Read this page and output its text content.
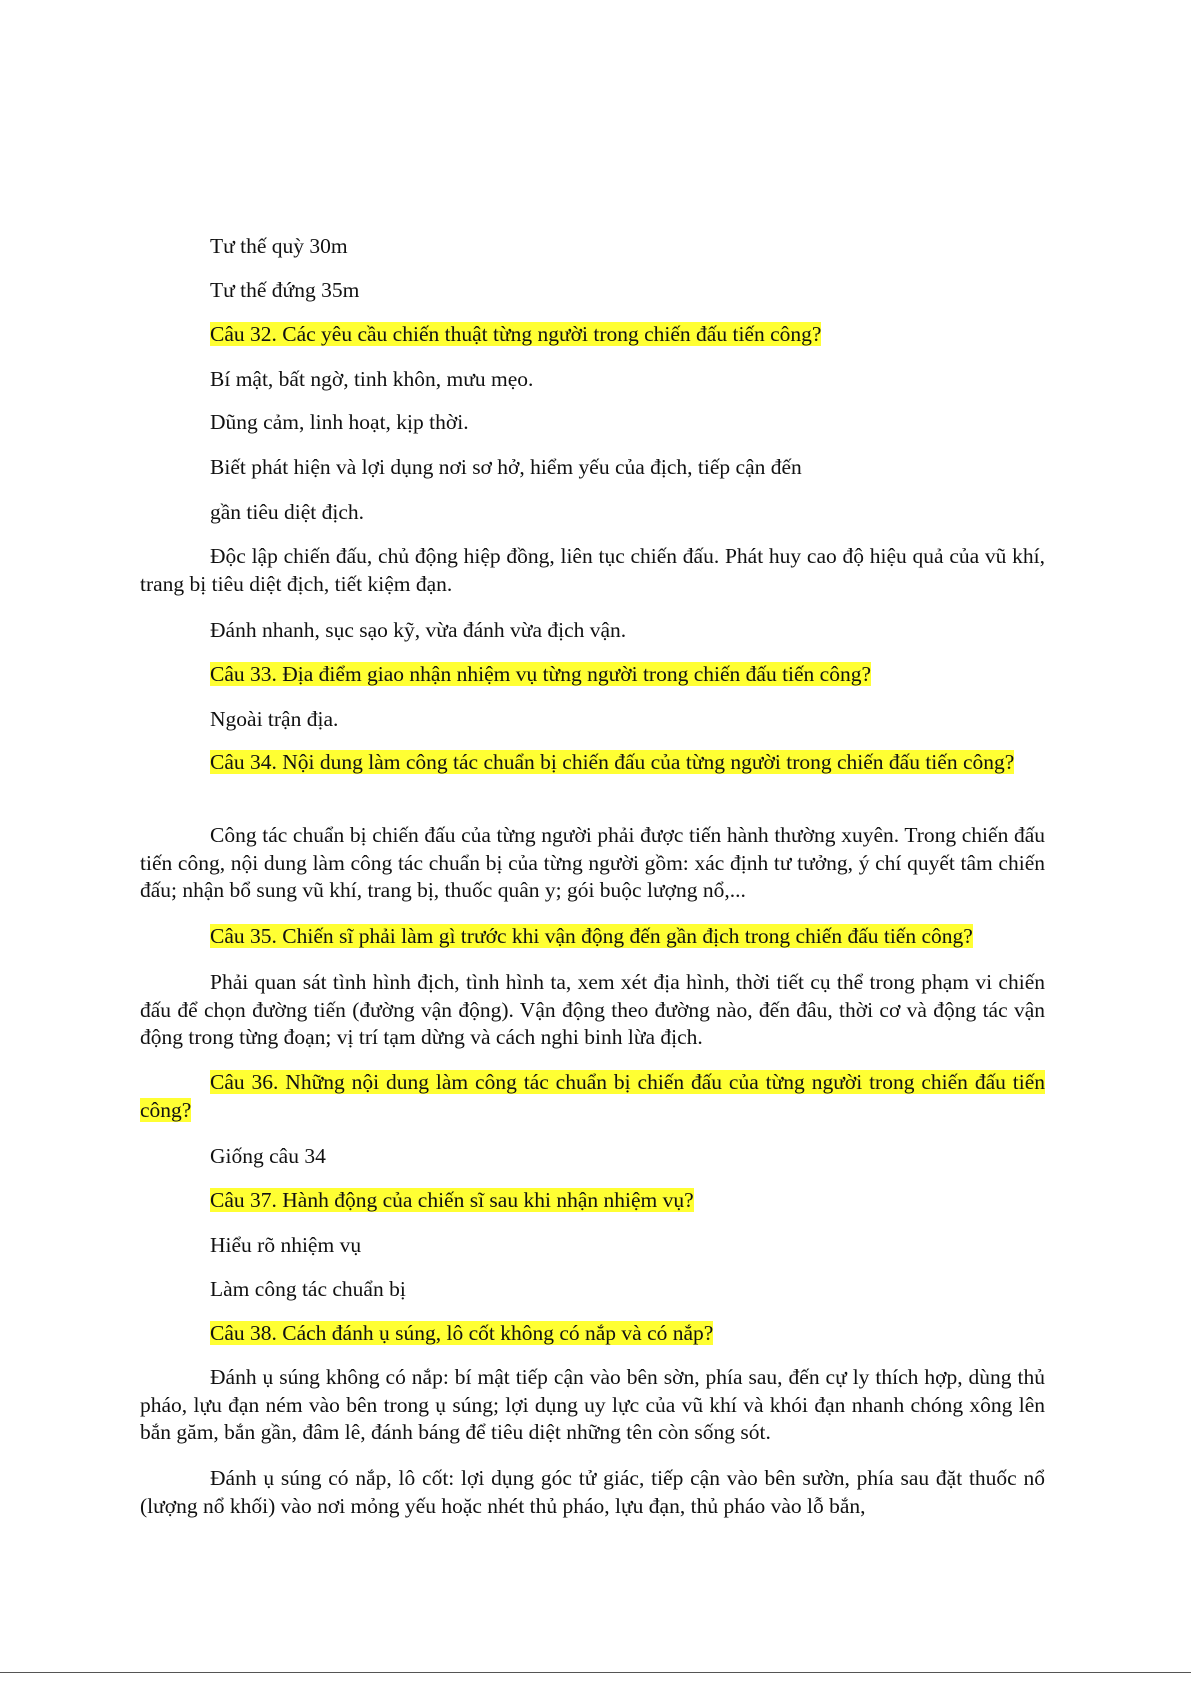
Tư thế quỳ 30m
Tư thế đứng 35m
Câu 32. Các yêu cầu chiến thuật từng người trong chiến đấu tiến công?
Bí mật, bất ngờ, tinh khôn, mưu mẹo.
Dũng cảm, linh hoạt, kịp thời.
Biết phát hiện và lợi dụng nơi sơ hở, hiểm yếu của địch, tiếp cận đến
gần tiêu diệt địch.
Độc lập chiến đấu, chủ động hiệp đồng, liên tục chiến đấu. Phát huy cao độ hiệu quả của vũ khí, trang bị tiêu diệt địch, tiết kiệm đạn.
Đánh nhanh, sục sạo kỹ, vừa đánh vừa địch vận.
Câu 33. Địa điểm giao nhận nhiệm vụ từng người trong chiến đấu tiến công?
Ngoài trận địa.
Câu 34. Nội dung làm công tác chuẩn bị chiến đấu của từng người trong chiến đấu tiến công?
Công tác chuẩn bị chiến đấu của từng người phải được tiến hành thường xuyên. Trong chiến đấu tiến công, nội dung làm công tác chuẩn bị của từng người gồm: xác định tư tưởng, ý chí quyết tâm chiến đấu; nhận bổ sung vũ khí, trang bị, thuốc quân y; gói buộc lượng nổ,...
Câu 35. Chiến sĩ phải làm gì trước khi vận động đến gần địch trong chiến đấu tiến công?
Phải quan sát tình hình địch, tình hình ta, xem xét địa hình, thời tiết cụ thể trong phạm vi chiến đấu để chọn đường tiến (đường vận động). Vận động theo đường nào, đến đâu, thời cơ và động tác vận động trong từng đoạn; vị trí tạm dừng và cách nghi binh lừa địch.
Câu 36. Những nội dung làm công tác chuẩn bị chiến đấu của từng người trong chiến đấu tiến công?
Giống câu 34
Câu 37. Hành động của chiến sĩ sau khi nhận nhiệm vụ?
Hiểu rõ nhiệm vụ
Làm công tác chuẩn bị
Câu 38. Cách đánh ụ súng, lô cốt không có nắp và có nắp?
Đánh ụ súng không có nắp: bí mật tiếp cận vào bên sờn, phía sau, đến cự ly thích hợp, dùng thủ pháo, lựu đạn ném vào bên trong ụ súng; lợi dụng uy lực của vũ khí và khói đạn nhanh chóng xông lên bắn găm, bắn gần, đâm lê, đánh báng để tiêu diệt những tên còn sống sót.
Đánh ụ súng có nắp, lô cốt: lợi dụng góc tử giác, tiếp cận vào bên sườn, phía sau đặt thuốc nổ (lượng nổ khối) vào nơi mỏng yếu hoặc nhét thủ pháo, lựu đạn, thủ pháo vào lỗ bắn,
